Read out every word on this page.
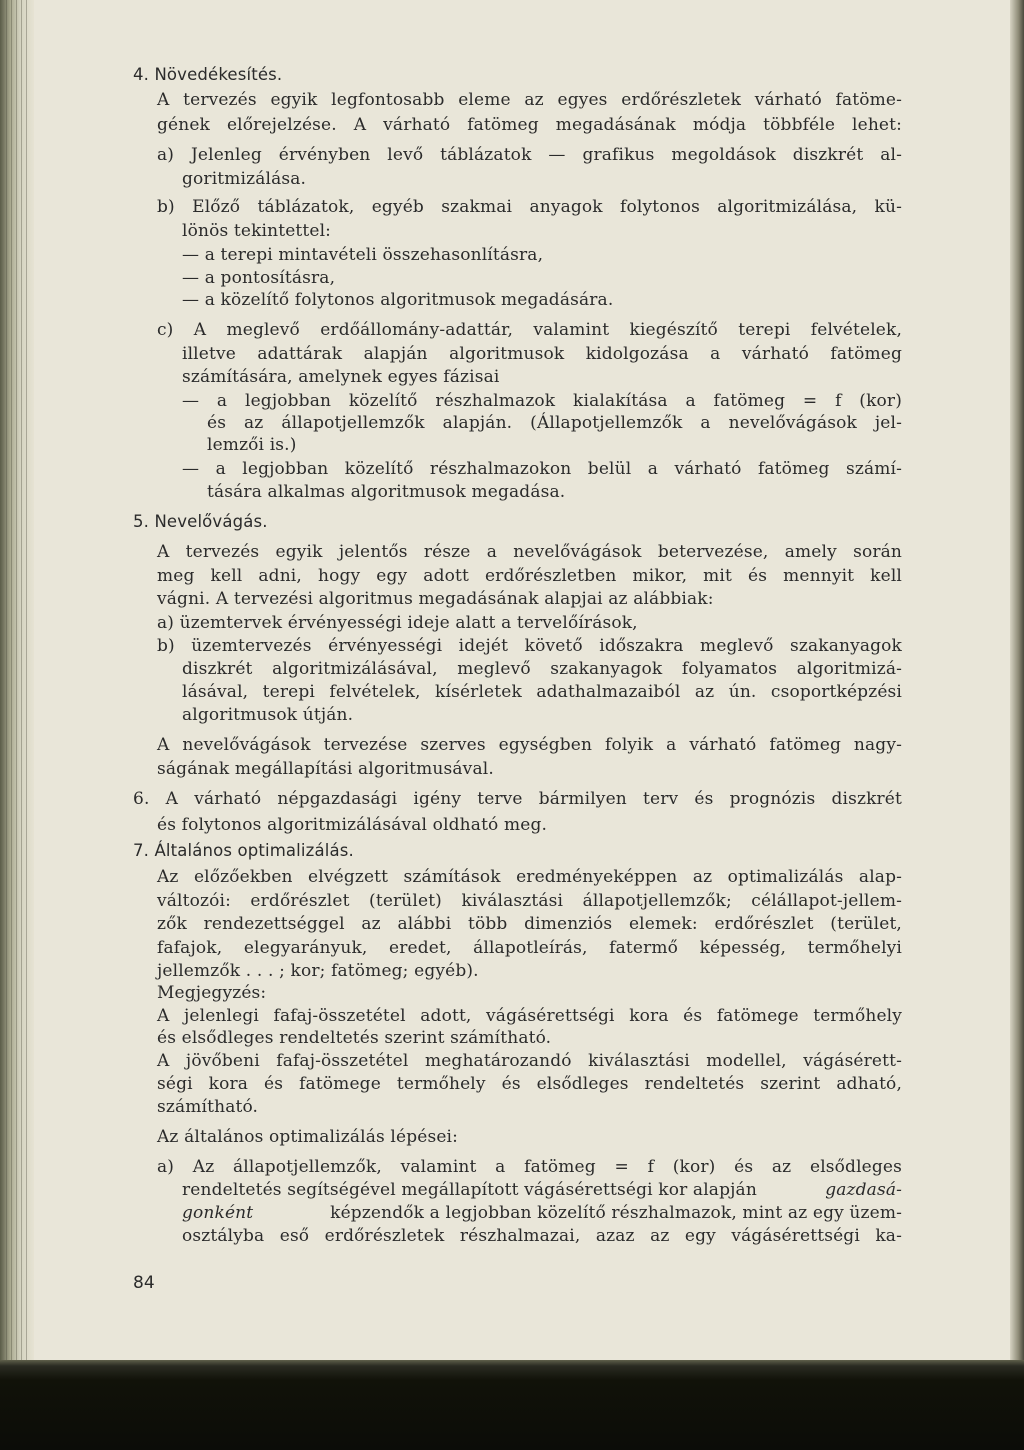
4. Növedékesítés.
A tervezés egyik legfontosabb eleme az egyes erdőrészletek várható fatöme-
gének előrejelzése. A várható fatömeg megadásának módja többféle lehet:
a) Jelenleg érvényben levő táblázatok — grafikus megoldások diszkrét al-
goritmizálása.
b) Előző táblázatok, egyéb szakmai anyagok folytonos algoritmizálása, kü-
lönös tekintettel:
— a terepi mintavételi összehasonlításra,
— a pontosításra,
— a közelítő folytonos algoritmusok megadására.
c) A meglevő erdőállomány-adattár, valamint kiegészítő terepi felvételek,
illetve adattárak alapján algoritmusok kidolgozása a várható fatömeg
számítására, amelynek egyes fázisai
— a legjobban közelítő részhalmazok kialakítása a fatömeg = f (kor)
és az állapotjellemzők alapján. (Állapotjellemzők a nevelővágások jel-
lemzői is.)
— a legjobban közelítő részhalmazokon belül a várható fatömeg számí-
tására alkalmas algoritmusok megadása.
5. Nevelővágás.
A tervezés egyik jelentős része a nevelővágások betervezése, amely során
meg kell adni, hogy egy adott erdőrészletben mikor, mit és mennyit kell
vágni. A tervezési algoritmus megadásának alapjai az alábbiak:
a) üzemtervek érvényességi ideje alatt a tervelőírások,
b) üzemtervezés érvényességi idejét követő időszakra meglevő szakanyagok
diszkrét algoritmizálásával, meglevő szakanyagok folyamatos algoritmizá-
lásával, terepi felvételek, kísérletek adathalmazaiból az ún. csoportképzési
algoritmusok útján.
A nevelővágások tervezése szerves egységben folyik a várható fatömeg nagy-
ságának megállapítási algoritmusával.
6. A várható népgazdasági igény terve bármilyen terv és prognózis diszkrét
és folytonos algoritmizálásával oldható meg.
7. Általános optimalizálás.
Az előzőekben elvégzett számítások eredményeképpen az optimalizálás alap-
változói: erdőrészlet (terület) kiválasztási állapotjellemzők; célállapot-jellem-
zők rendezettséggel az alábbi több dimenziós elemek: erdőrészlet (terület,
fafajok, elegyarányuk, eredet, állapotleírás, fatermő képesség, termőhelyi
jellemzők . . . ; kor; fatömeg; egyéb).
Megjegyzés:
A jelenlegi fafaj-összetétel adott, vágásérettségi kora és fatömege termőhely
és elsődleges rendeltetés szerint számítható.
A jövőbeni fafaj-összetétel meghatározandó kiválasztási modellel, vágásérett-
ségi kora és fatömege termőhely és elsődleges rendeltetés szerint adható,
számítható.
Az általános optimalizálás lépései:
a) Az állapotjellemzők, valamint a fatömeg = f (kor) és az elsődleges
rendeltetés segítségével megállapított vágásérettségi kor alapján	gazdasá-
gonként	képzendők a legjobban közelítő részhalmazok, mint az egy üzem-
osztályba eső erdőrészletek részhalmazai, azaz az egy vágásérettségi ka-
84
